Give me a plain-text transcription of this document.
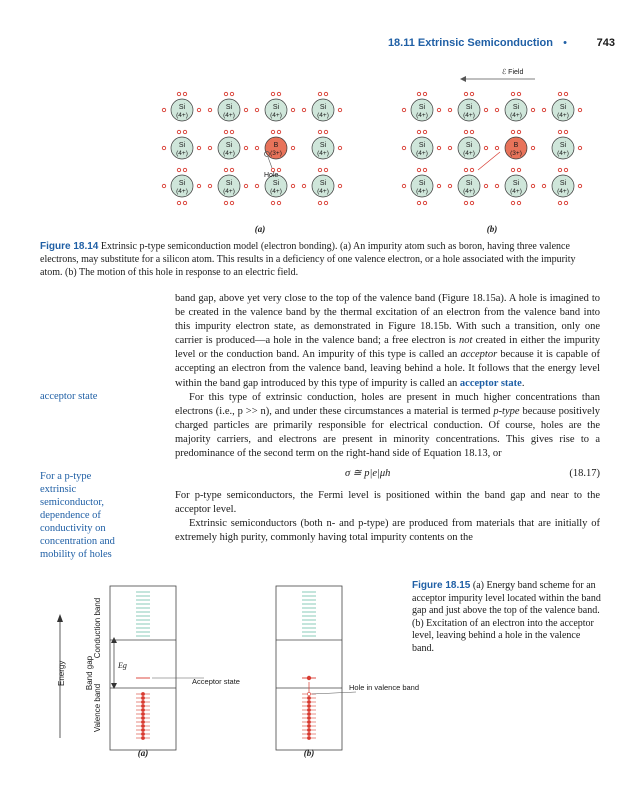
18.11 Extrinsic Semiconduction •	743
Si
(4+)
Si
(4+)
Si
(4+)
Si
(4+)
Si
(4+)
Si
(4+)
B
(3+)
Si
(4+)
Si
(4+)
Si
(4+)
Si
(4+)
Si
(4+)
Hole
Si
(4+)
Si
(4+)
Si
(4+)
Si
(4+)
Si
(4+)
Si
(4+)
B
(3+)
Si
(4+)
Si
(4+)
Si
(4+)
Si
(4+)
Si
(4+)
ℰ Field
(a)	(b)
Figure 18.14 Extrinsic p-type semiconduction model (electron bonding). (a) An impurity atom such as boron, having three valence electrons, may substitute for a silicon atom. This results in a deficiency of one valence electron, or a hole associated with the impurity atom. (b) The motion of this hole in response to an electric field.
acceptor state
For a p-type
extrinsic
semiconductor,
dependence of
conductivity on
concentration and
mobility of holes

band gap, above yet very close to the top of the valence band (Figure 18.15a). A hole is imagined to be created in the valence band by the thermal excitation of an electron from the valence band into this impurity electron state, as demonstrated in Figure 18.15b. With such a transition, only one carrier is produced—a hole in the valence band; a free electron is not created in either the impurity level or the conduction band. An impurity of this type is called an acceptor because it is capable of accepting an electron from the valence band, leaving behind a hole. It follows that the energy level within the band gap introduced by this type of impurity is called an acceptor state.

For this type of extrinsic conduction, holes are present in much higher concentrations than electrons (i.e., p >> n), and under these circumstances a material is termed p-type because positively charged particles are primarily responsible for electrical conduction. Of course, holes are the majority carriers, and electrons are present in minority concentrations. This gives rise to a predominance of the second term on the right-hand side of Equation 18.13, or

σ ≅ p|e|μh	(18.17)

For p-type semiconductors, the Fermi level is positioned within the band gap and near to the acceptor level.

Extrinsic semiconductors (both n- and p-type) are produced from materials that are initially of extremely high purity, commonly having total impurity contents on the

Energy
Conduction band
Band gap
Valence band
Eg
Acceptor state
Hole in valence band
(a)	(b)
Figure 18.15 (a) Energy band scheme for an acceptor impurity level located within the band gap and just above the top of the valence band. (b) Excitation of an electron into the acceptor level, leaving behind a hole in the valence band.
